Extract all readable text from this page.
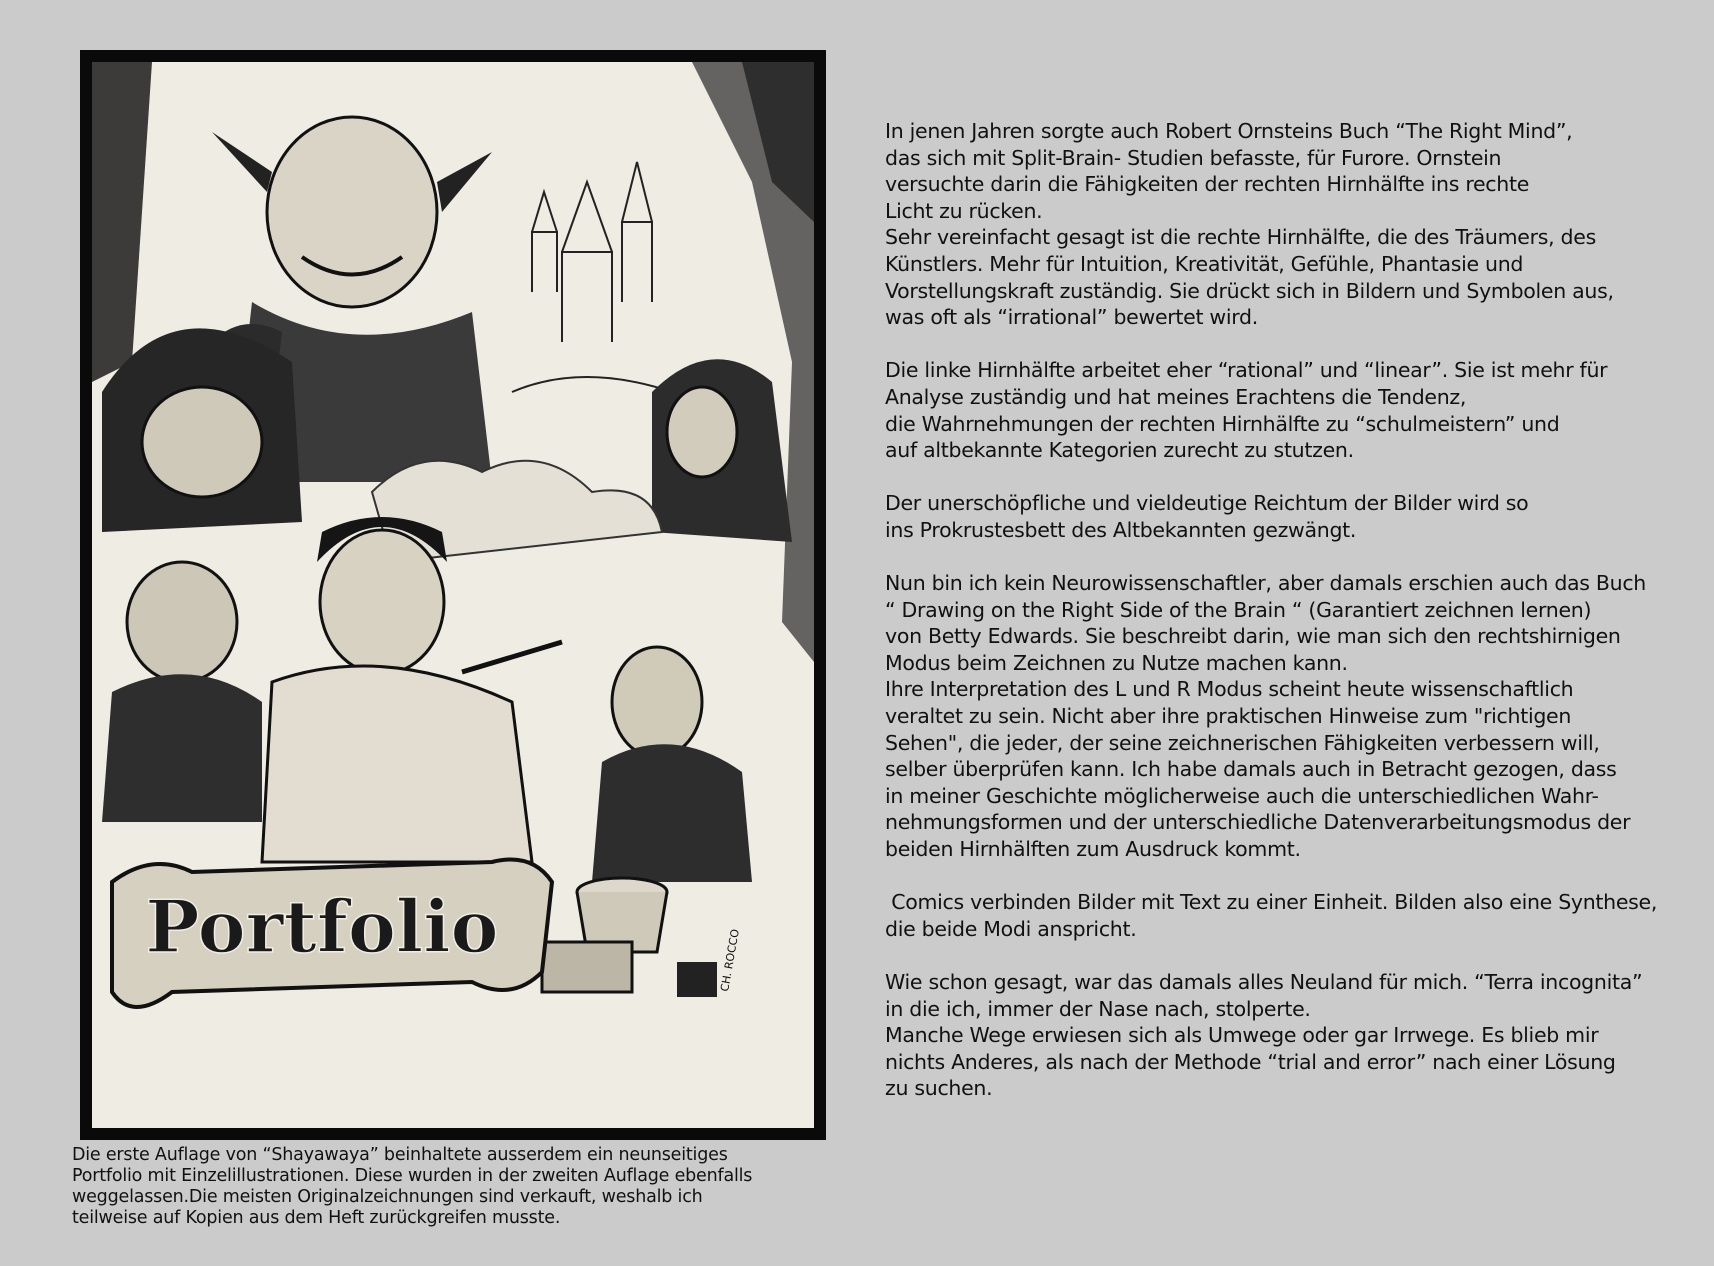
Portfolio	CH. ROCCO

Die erste Auflage von “Shayawaya” beinhaltete ausserdem ein neunseitiges
Portfolio mit Einzelillustrationen. Diese wurden in der zweiten Auflage ebenfalls
weggelassen.Die meisten Originalzeichnungen sind verkauft, weshalb ich
teilweise auf Kopien aus dem Heft zurückgreifen musste.

In jenen Jahren sorgte auch Robert Ornsteins Buch “The Right Mind”,
das sich mit Split-Brain- Studien befasste, für Furore. Ornstein
versuchte darin die Fähigkeiten der rechten Hirnhälfte ins rechte
Licht zu rücken.
Sehr vereinfacht gesagt ist die rechte Hirnhälfte, die des Träumers, des
Künstlers. Mehr für Intuition, Kreativität, Gefühle, Phantasie und
Vorstellungskraft zuständig. Sie drückt sich in Bildern und Symbolen aus,
was oft als “irrational” bewertet wird.
Die linke Hirnhälfte arbeitet eher “rational” und “linear”. Sie ist mehr für
Analyse zuständig und hat meines Erachtens die Tendenz,
die Wahrnehmungen der rechten Hirnhälfte zu “schulmeistern” und
auf altbekannte Kategorien zurecht zu stutzen.
Der unerschöpfliche und vieldeutige Reichtum der Bilder wird so
ins Prokrustesbett des Altbekannten gezwängt.
Nun bin ich kein Neurowissenschaftler, aber damals erschien auch das Buch
“ Drawing on the Right Side of the Brain “ (Garantiert zeichnen lernen)
von Betty Edwards. Sie beschreibt darin, wie man sich den rechtshirnigen
Modus beim Zeichnen zu Nutze machen kann.
Ihre Interpretation des L und R Modus scheint heute wissenschaftlich
veraltet zu sein. Nicht aber ihre praktischen Hinweise zum "richtigen
Sehen", die jeder, der seine zeichnerischen Fähigkeiten verbessern will,
selber überprüfen kann. Ich habe damals auch in Betracht gezogen, dass
in meiner Geschichte möglicherweise auch die unterschiedlichen Wahr-
nehmungsformen und der unterschiedliche Datenverarbeitungsmodus der
beiden Hirnhälften zum Ausdruck kommt.
Comics verbinden Bilder mit Text zu einer Einheit. Bilden also eine Synthese,
die beide Modi anspricht.
Wie schon gesagt, war das damals alles Neuland für mich. “Terra incognita”
in die ich, immer der Nase nach, stolperte.
Manche Wege erwiesen sich als Umwege oder gar Irrwege. Es blieb mir
nichts Anderes, als nach der Methode “trial and error” nach einer Lösung
zu suchen.
